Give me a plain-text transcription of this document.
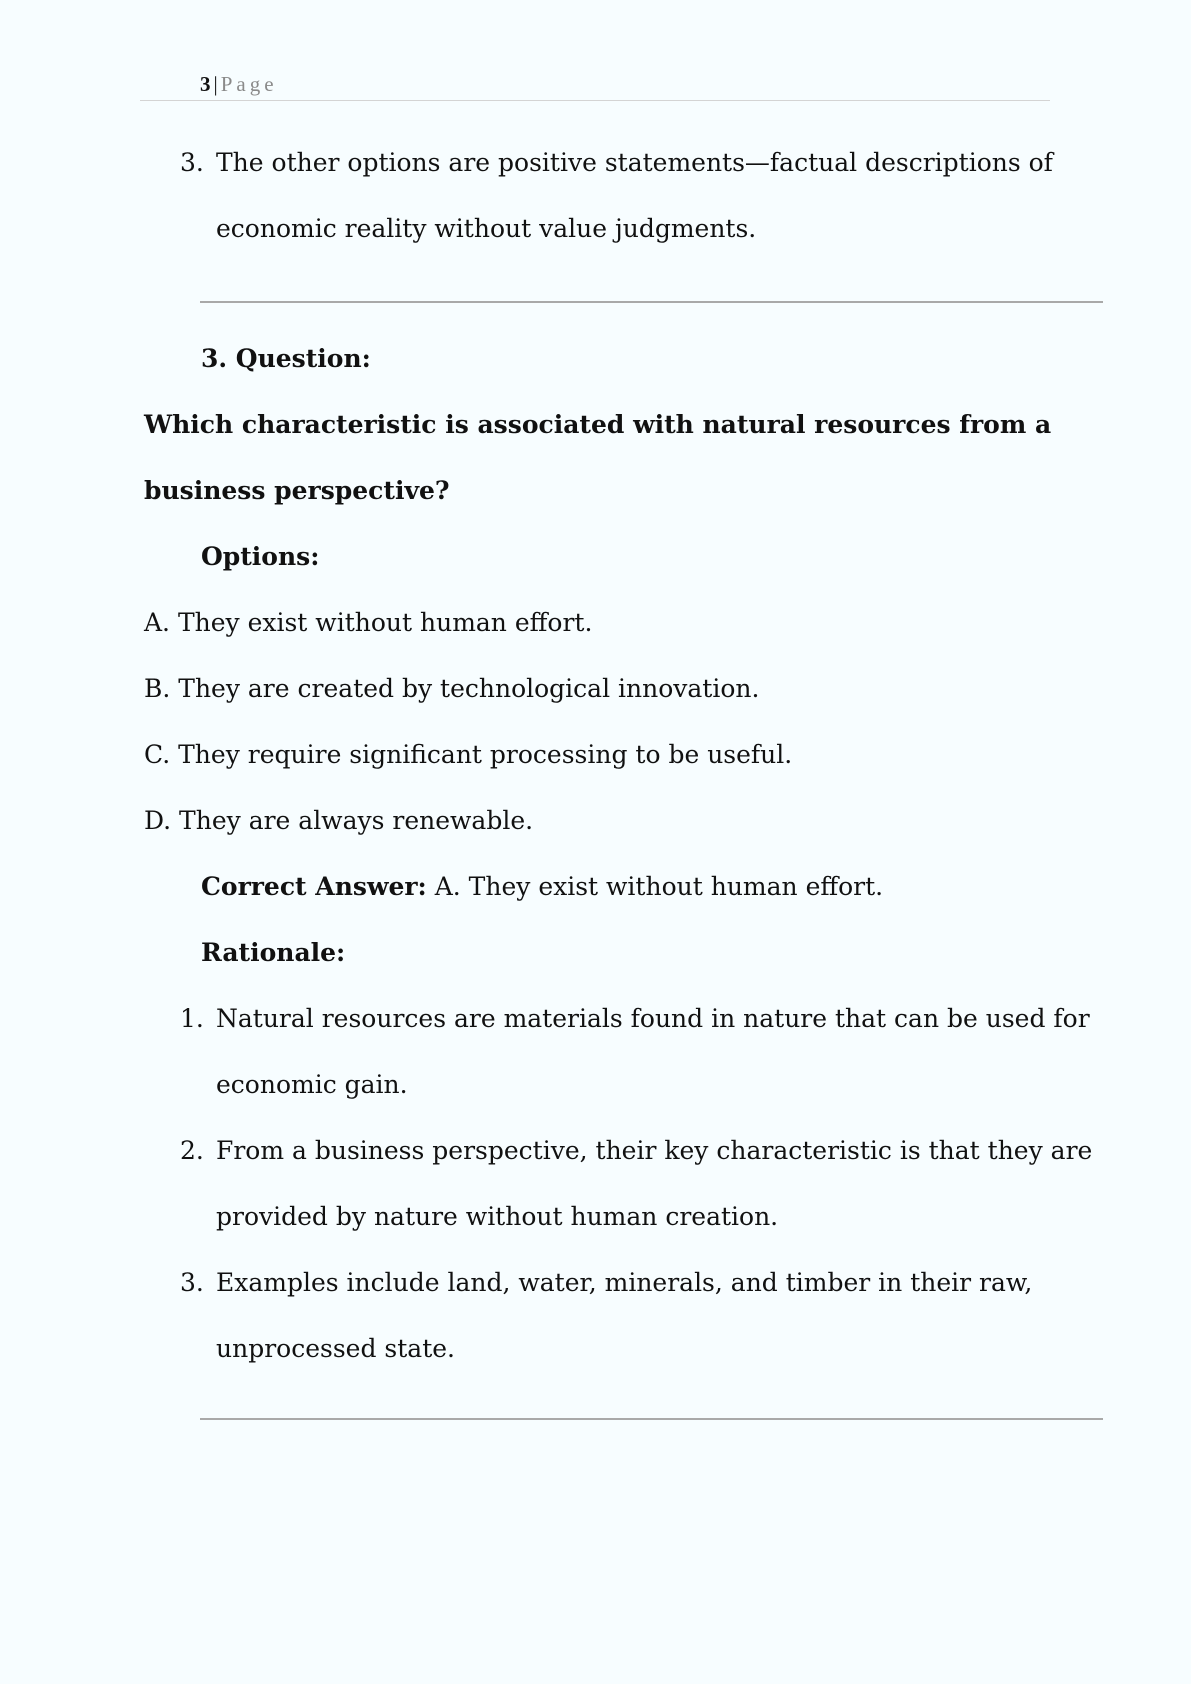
3 | Page
3. The other options are positive statements—factual descriptions of
economic reality without value judgments.
3. Question:
Which characteristic is associated with natural resources from a
business perspective?
Options:
A. They exist without human effort.
B. They are created by technological innovation.
C. They require significant processing to be useful.
D. They are always renewable.
Correct Answer: A. They exist without human effort.
Rationale:
1. Natural resources are materials found in nature that can be used for
economic gain.
2. From a business perspective, their key characteristic is that they are
provided by nature without human creation.
3. Examples include land, water, minerals, and timber in their raw,
unprocessed state.
